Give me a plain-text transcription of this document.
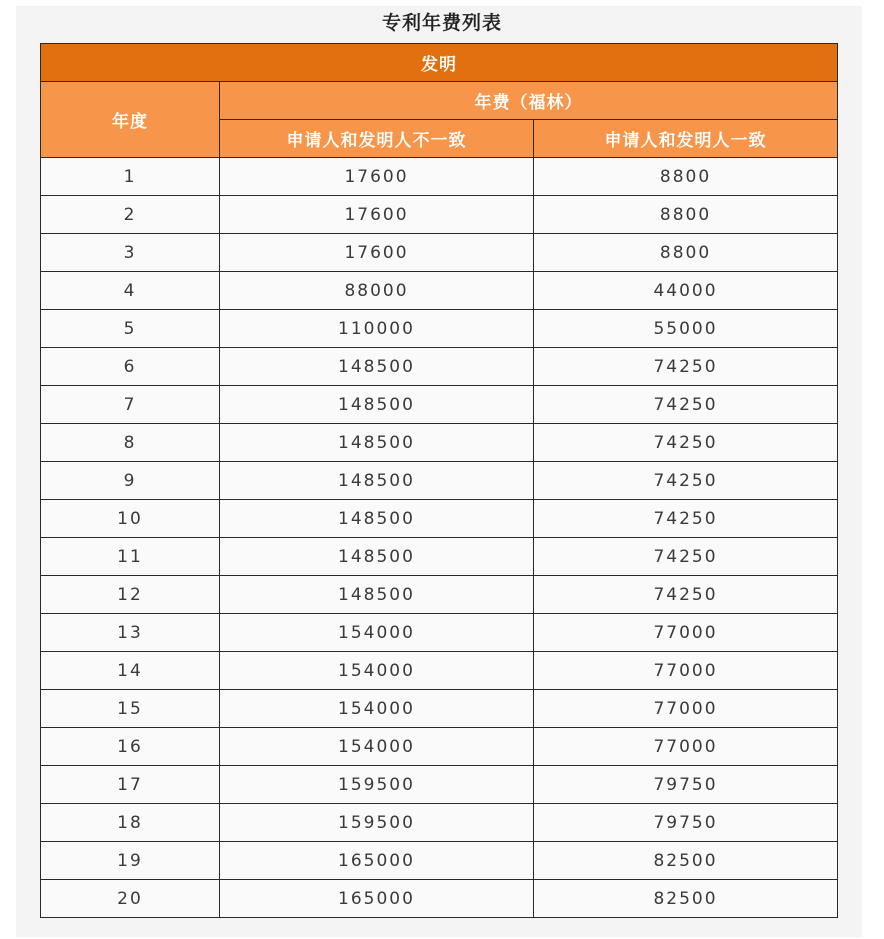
专利年费列表
发明		
年度	年费（福林）	
	申请人和发明人不一致	申请人和发明人一致
1	17600	8800
2	17600	8800
3	17600	8800
4	88000	44000
5	110000	55000
6	148500	74250
7	148500	74250
8	148500	74250
9	148500	74250
10	148500	74250
11	148500	74250
12	148500	74250
13	154000	77000
14	154000	77000
15	154000	77000
16	154000	77000
17	159500	79750
18	159500	79750
19	165000	82500
20	165000	82500
